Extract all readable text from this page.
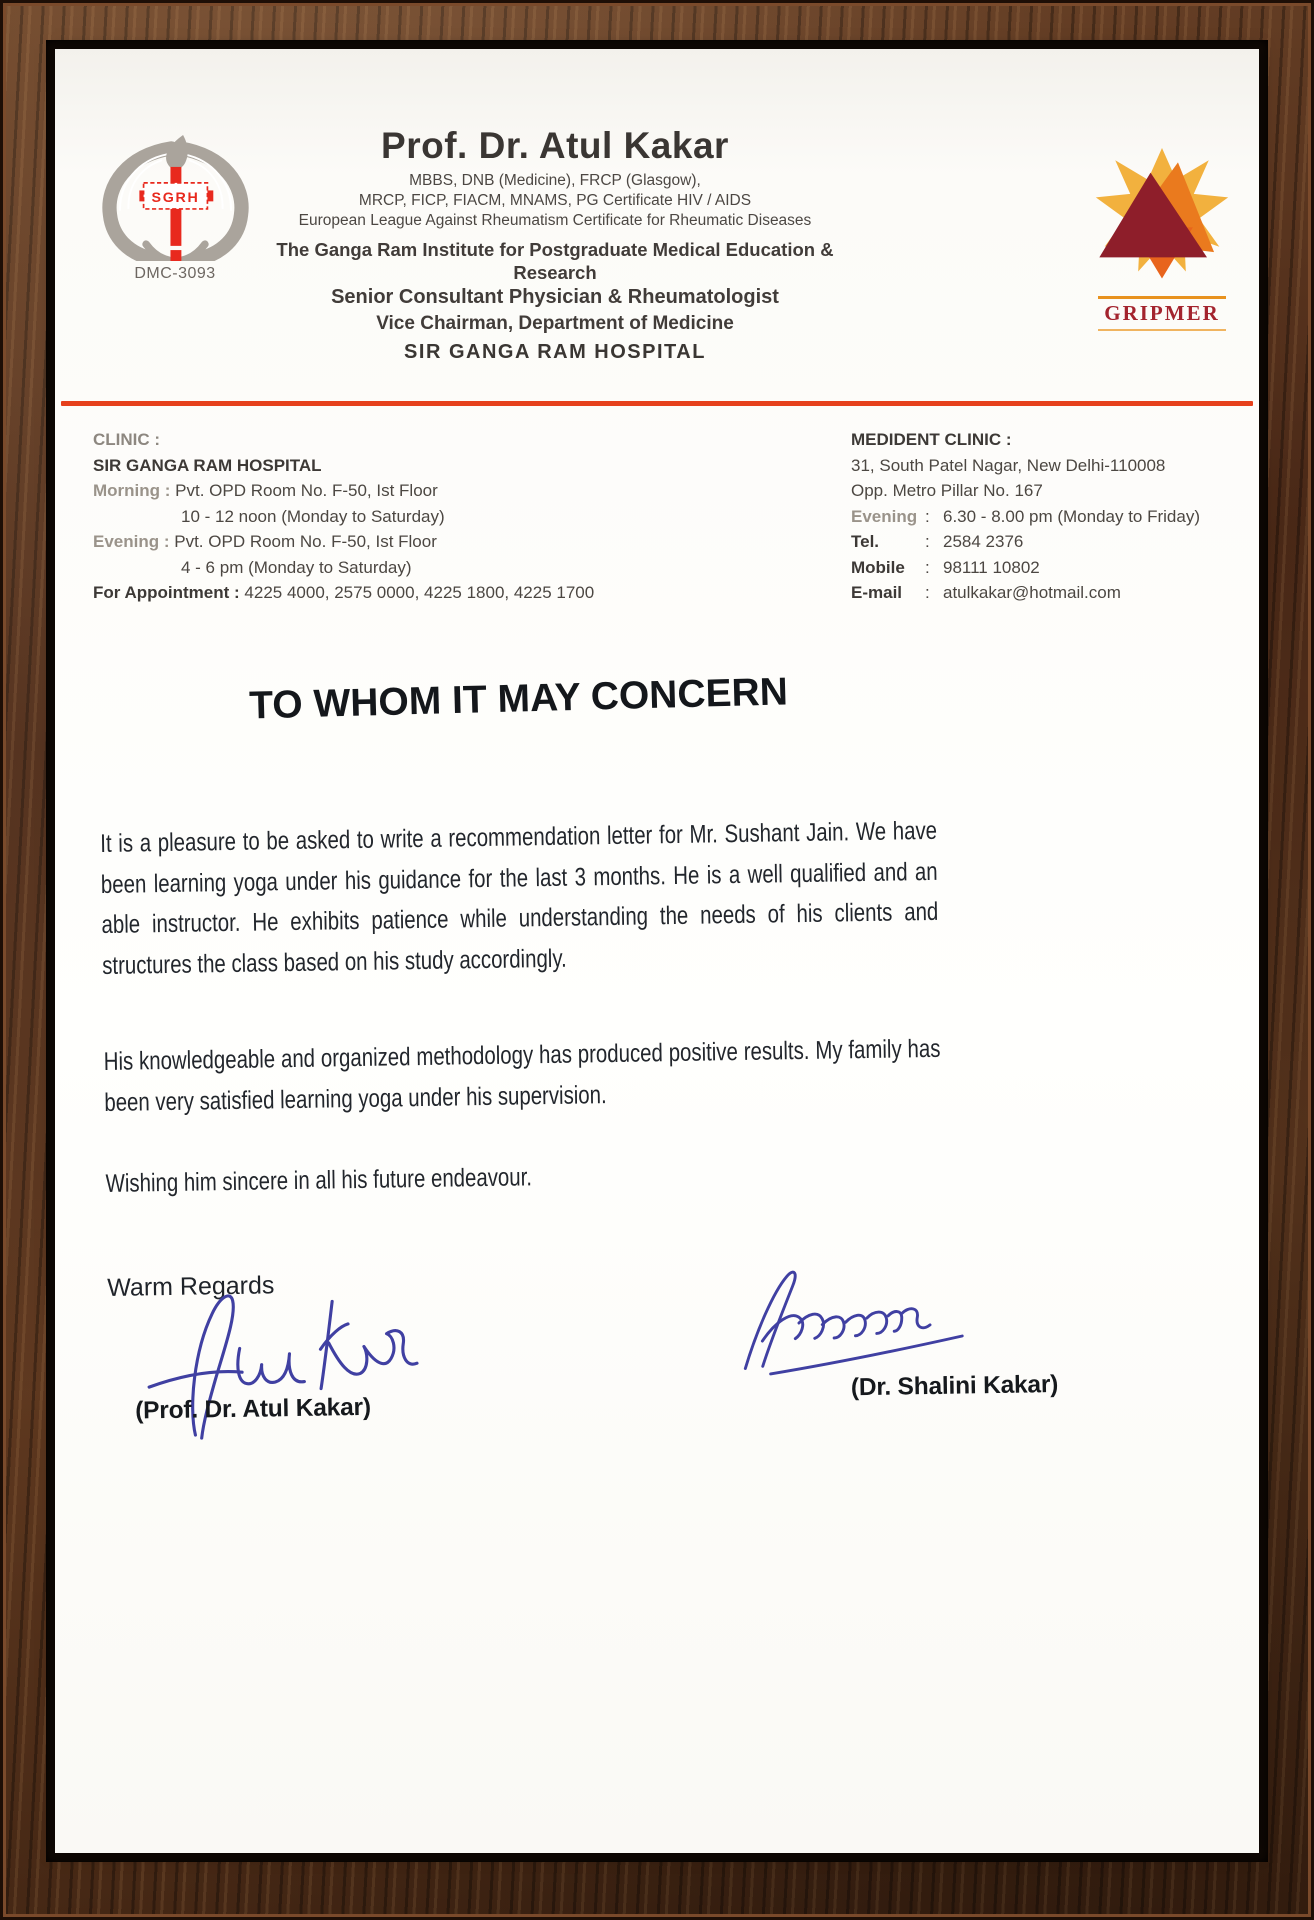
SGRH
DMC-3093
Prof. Dr. Atul Kakar
MBBS, DNB (Medicine), FRCP (Glasgow),
MRCP, FICP, FIACM, MNAMS, PG Certificate HIV / AIDS
European League Against Rheumatism Certificate for Rheumatic Diseases
The Ganga Ram Institute for Postgraduate Medical Education & Research
Senior Consultant Physician & Rheumatologist
Vice Chairman, Department of Medicine
SIR GANGA RAM HOSPITAL
GRIPMER
CLINIC :
SIR GANGA RAM HOSPITAL
Morning : Pvt. OPD Room No. F-50, Ist Floor
10 - 12 noon (Monday to Saturday)
Evening : Pvt. OPD Room No. F-50, Ist Floor
4 - 6 pm (Monday to Saturday)
For Appointment : 4225 4000, 2575 0000, 4225 1800, 4225 1700
MEDIDENT CLINIC :
31, South Patel Nagar, New Delhi-110008
Opp. Metro Pillar No. 167
Evening : 6.30 - 8.00 pm (Monday to Friday)
Tel.	: 2584 2376
Mobile	: 98111 10802
E-mail	: atulkakar@hotmail.com
TO WHOM IT MAY CONCERN
It is a pleasure to be asked to write a recommendation letter for Mr. Sushant Jain. We have been learning yoga under his guidance for the last 3 months. He is a well qualified and an able instructor. He exhibits patience while understanding the needs of his clients and structures the class based on his study accordingly.
His knowledgeable and organized methodology has produced positive results. My family has been very satisfied learning yoga under his supervision.
Wishing him sincere in all his future endeavour.
Warm Regards
(Prof. Dr. Atul Kakar)
(Dr. Shalini Kakar)
